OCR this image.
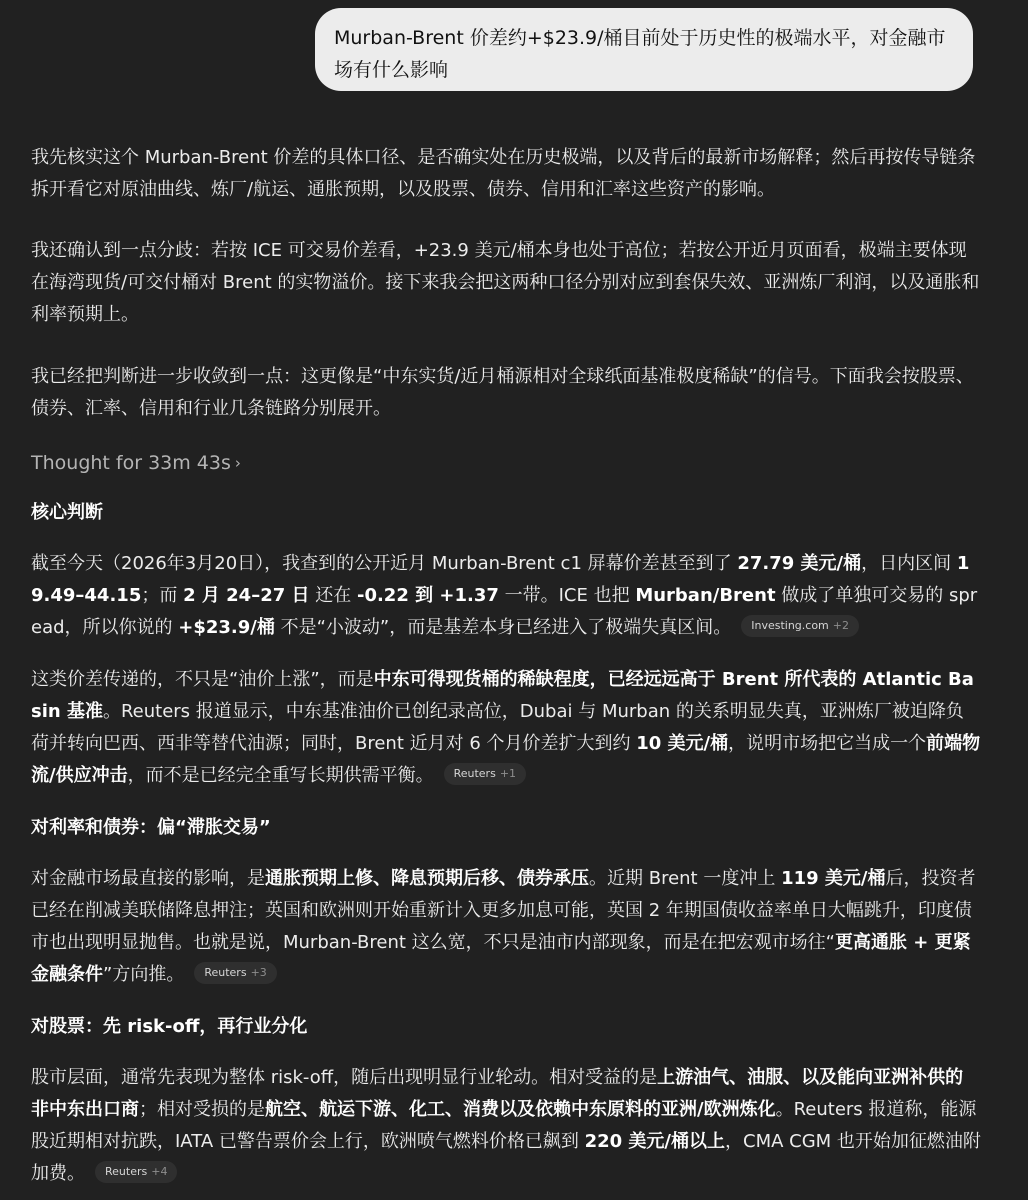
Murban-Brent 价差约+$23.9/桶目前处于历史性的极端水平，对金融市场有什么影响

我先核实这个 Murban-Brent 价差的具体口径、是否确实处在历史极端，以及背后的最新市场解释；然后再按传导链条拆开看它对原油曲线、炼厂/航运、通胀预期，以及股票、债券、信用和汇率这些资产的影响。

我还确认到一点分歧：若按 ICE 可交易价差看，+23.9 美元/桶本身也处于高位；若按公开近月页面看，极端主要体现在海湾现货/可交付桶对 Brent 的实物溢价。接下来我会把这两种口径分别对应到套保失效、亚洲炼厂利润，以及通胀和利率预期上。

我已经把判断进一步收敛到一点：这更像是“中东实货/近月桶源相对全球纸面基准极度稀缺”的信号。下面我会按股票、债券、汇率、信用和行业几条链路分别展开。

Thought for 33m 43s ›
核心判断

截至今天（2026年3月20日），我查到的公开近月 Murban-Brent c1 屏幕价差甚至到了 27.79 美元/桶，日内区间 19.49–44.15；而 2 月 24–27 日 还在 -0.22 到 +1.37 一带。ICE 也把 Murban/Brent 做成了单独可交易的 spread，所以你说的 +$23.9/桶 不是“小波动”，而是基差本身已经进入了极端失真区间。 Investing.com +2

这类价差传递的，不只是“油价上涨”，而是中东可得现货桶的稀缺程度，已经远远高于 Brent 所代表的 Atlantic Basin 基准。Reuters 报道显示，中东基准油价已创纪录高位，Dubai 与 Murban 的关系明显失真，亚洲炼厂被迫降负荷并转向巴西、西非等替代油源；同时，Brent 近月对 6 个月价差扩大到约 10 美元/桶，说明市场把它当成一个前端物流/供应冲击，而不是已经完全重写长期供需平衡。 Reuters +1

对利率和债券：偏“滞胀交易”

对金融市场最直接的影响，是通胀预期上修、降息预期后移、债券承压。近期 Brent 一度冲上 119 美元/桶后，投资者已经在削减美联储降息押注；英国和欧洲则开始重新计入更多加息可能，英国 2 年期国债收益率单日大幅跳升，印度债市也出现明显抛售。也就是说，Murban-Brent 这么宽，不只是油市内部现象，而是在把宏观市场往“更高通胀 + 更紧金融条件”方向推。 Reuters +3

对股票：先 risk-off，再行业分化

股市层面，通常先表现为整体 risk-off，随后出现明显行业轮动。相对受益的是上游油气、油服、以及能向亚洲补供的非中东出口商；相对受损的是航空、航运下游、化工、消费以及依赖中东原料的亚洲/欧洲炼化。Reuters 报道称，能源股近期相对抗跌，IATA 已警告票价会上行，欧洲喷气燃料价格已飙到 220 美元/桶以上，CMA CGM 也开始加征燃油附加费。 Reuters +4
